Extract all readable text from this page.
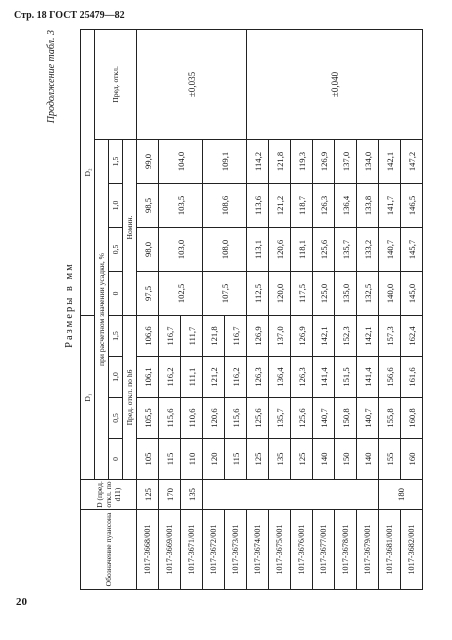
Стр. 18 ГОСТ 25479—82
20
Продолжение табл. 3
Размеры в мм
Обозначение пуансона	D (пред. откл. по d11)	D₁				D₂				
		при расчетном значении усадки, %								Пред. откл.
		0	0,5	1,0	1,5	0	0,5	1,0	1,5	
		Пред. откл. по h6				Номин.				
1017-3668/001	125	105	105,5	106,1	106,6	97,5	98,0	98,5	99,0	±0,035
1017-3669/001	170	115	115,6	116,2	116,7	102,5	103,0	103,5	104,0	
1017-3671/001	135	110	110,6	111,1	111,7					
1017-3672/001		120	120,6	121,2	121,8	107,5	108,0	108,6	109,1	
1017-3673/001		115	115,6	116,2	116,7					
1017-3674/001		125	125,6	126,3	126,9	112,5	113,1	113,6	114,2	±0,040
1017-3675/001		135	135,7	136,4	137,0	120,0	120,6	121,2	121,8	
1017-3676/001		125	125,6	126,3	126,9	117,5	118,1	118,7	119,3	
1017-3677/001		140	140,7	141,4	142,1	125,0	125,6	126,3	126,9	
1017-3678/001		150	150,8	151,5	152,3	135,0	135,7	136,4	137,0	
1017-3679/001		140	140,7	141,4	142,1	132,5	133,2	133,8	134,0	
1017-3681/001	180	155	155,8	156,6	157,3	140,0	140,7	141,7	142,1	
1017-3682/001		160	160,8	161,6	162,4	145,0	145,7	146,5	147,2	
